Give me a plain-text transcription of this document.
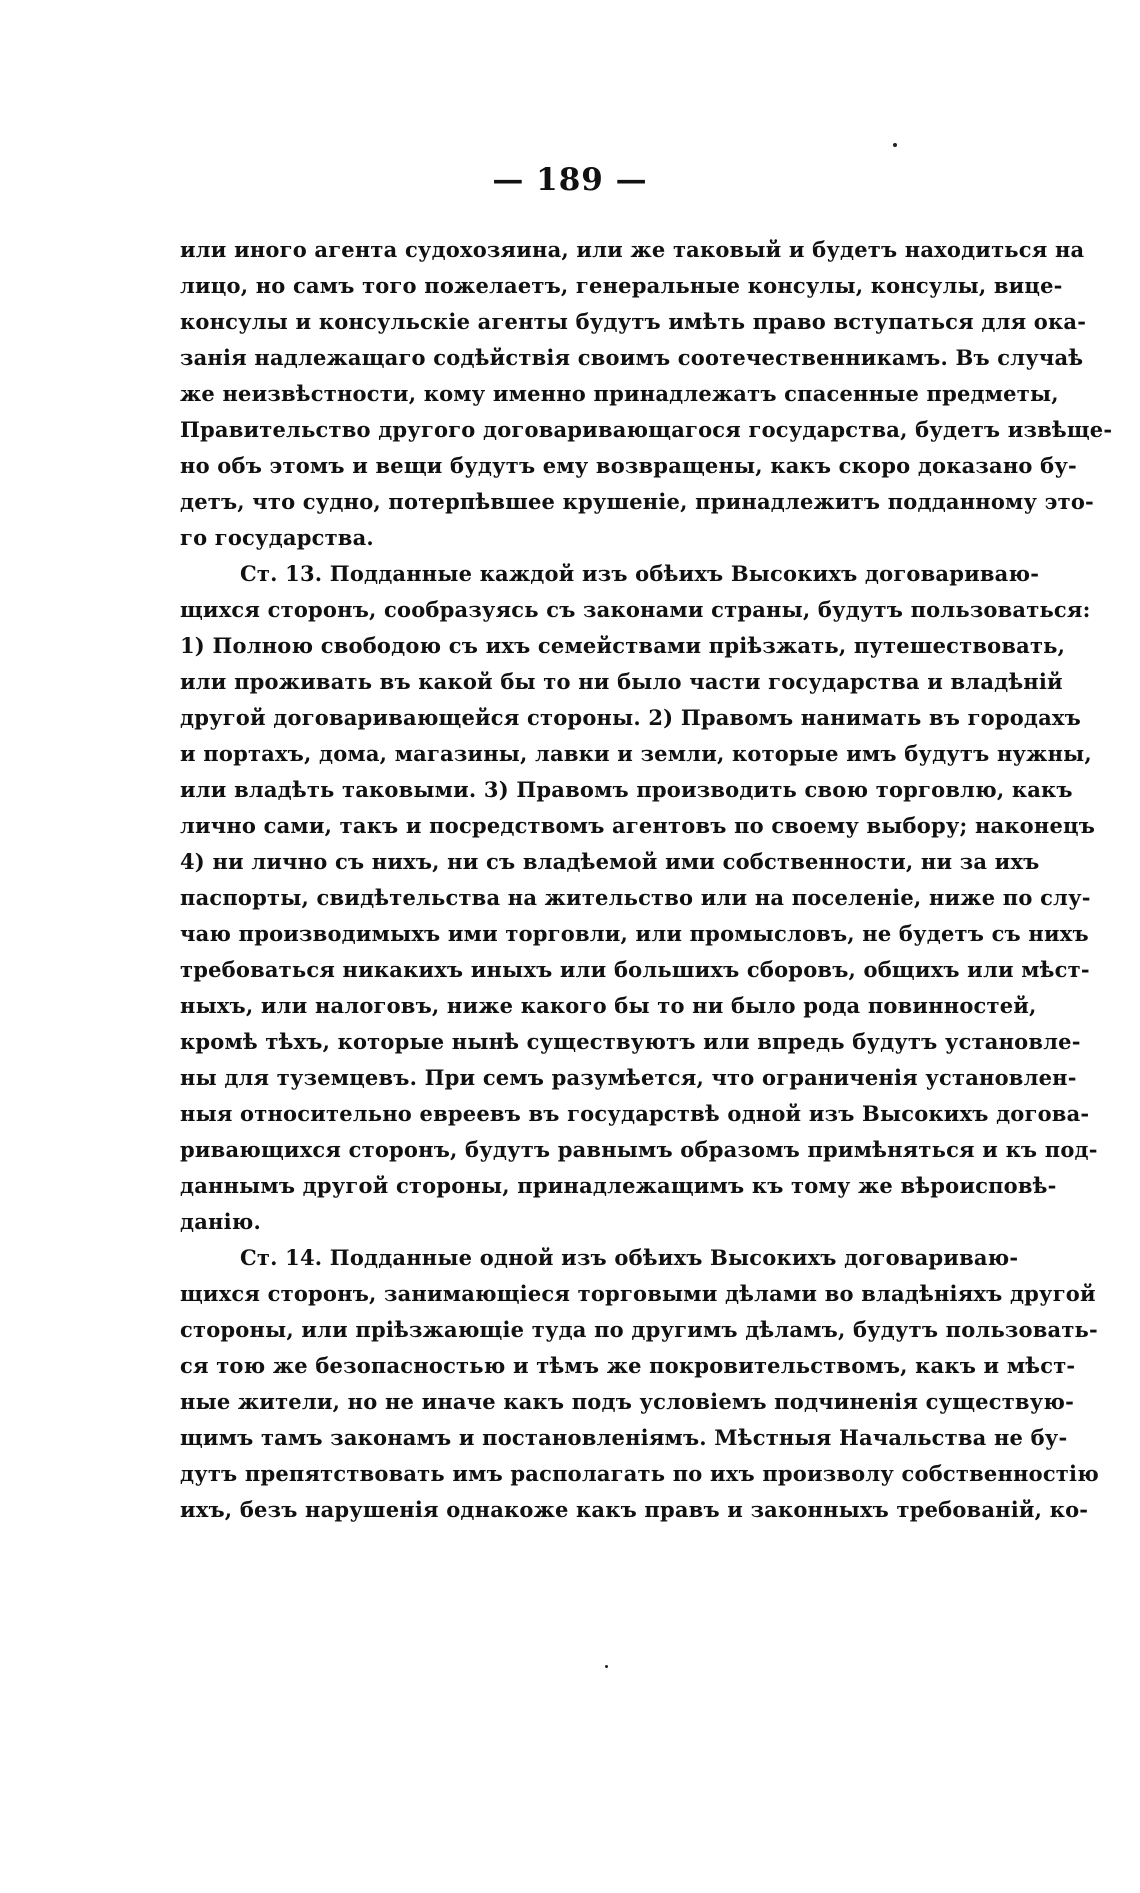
— 189 —
или иного агента судохозяина, или же таковый и будетъ находиться на
лицо, но самъ того пожелаетъ, генеральные консулы, консулы, вице-
консулы и консульскіе агенты будутъ имѣть право вступаться для ока-
занія надлежащаго содѣйствія своимъ соотечественникамъ. Въ случаѣ
же неизвѣстности, кому именно принадлежатъ спасенные предметы,
Правительство другого договаривающагося государства, будетъ извѣще-
но объ этомъ и вещи будутъ ему возвращены, какъ скоро доказано бу-
детъ, что судно, потерпѣвшее крушеніе, принадлежитъ подданному это-
го государства.
Ст. 13. Подданные каждой изъ обѣихъ Высокихъ договариваю-
щихся сторонъ, сообразуясь съ законами страны, будутъ пользоваться:
1) Полною свободою съ ихъ семействами пріѣзжать, путешествовать,
или проживать въ какой бы то ни было части государства и владѣній
другой договаривающейся стороны. 2) Правомъ нанимать въ городахъ
и портахъ, дома, магазины, лавки и земли, которые имъ будутъ нужны,
или владѣть таковыми. 3) Правомъ производить свою торговлю, какъ
лично сами, такъ и посредствомъ агентовъ по своему выбору; наконецъ
4) ни лично съ нихъ, ни съ владѣемой ими собственности, ни за ихъ
паспорты, свидѣтельства на жительство или на поселеніе, ниже по слу-
чаю производимыхъ ими торговли, или промысловъ, не будетъ съ нихъ
требоваться никакихъ иныхъ или большихъ сборовъ, общихъ или мѣст-
ныхъ, или налоговъ, ниже какого бы то ни было рода повинностей,
кромѣ тѣхъ, которые нынѣ существуютъ или впредь будутъ установле-
ны для туземцевъ. При семъ разумѣется, что ограниченія установлен-
ныя относительно евреевъ въ государствѣ одной изъ Высокихъ догова-
ривающихся сторонъ, будутъ равнымъ образомъ примѣняться и къ под-
даннымъ другой стороны, принадлежащимъ къ тому же вѣроисповѣ-
данію.
Ст. 14. Подданные одной изъ обѣихъ Высокихъ договариваю-
щихся сторонъ, занимающіеся торговыми дѣлами во владѣніяхъ другой
стороны, или пріѣзжающіе туда по другимъ дѣламъ, будутъ пользовать-
ся тою же безопасностью и тѣмъ же покровительствомъ, какъ и мѣст-
ные жители, но не иначе какъ подъ условіемъ подчиненія существую-
щимъ тамъ законамъ и постановленіямъ. Мѣстныя Начальства не бу-
дутъ препятствовать имъ располагать по ихъ произволу собственностію
ихъ, безъ нарушенія однакоже какъ правъ и законныхъ требованій, ко-
